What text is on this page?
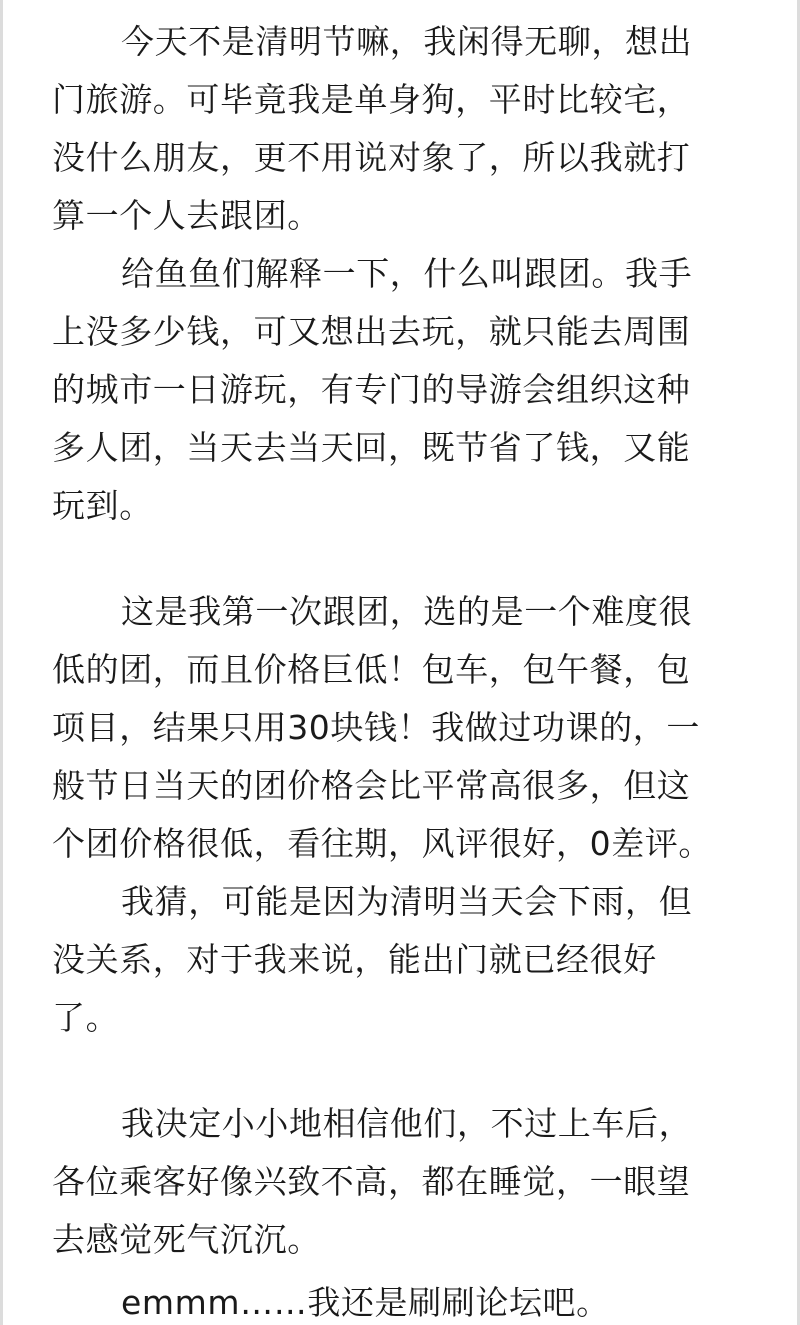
今天不是清明节嘛，我闲得无聊，想出
门旅游。可毕竟我是单身狗，平时比较宅，
没什么朋友，更不用说对象了，所以我就打
算一个人去跟团。
给鱼鱼们解释一下，什么叫跟团。我手
上没多少钱，可又想出去玩，就只能去周围
的城市一日游玩，有专门的导游会组织这种
多人团，当天去当天回，既节省了钱，又能
玩到。
这是我第一次跟团，选的是一个难度很
低的团，而且价格巨低！包车，包午餐，包
项目，结果只用30块钱！我做过功课的，一
般节日当天的团价格会比平常高很多，但这
个团价格很低，看往期，风评很好，0差评。
我猜，可能是因为清明当天会下雨，但
没关系，对于我来说，能出门就已经很好
了。
我决定小小地相信他们，不过上车后，
各位乘客好像兴致不高，都在睡觉，一眼望
去感觉死气沉沉。
emmm……我还是刷刷论坛吧。
